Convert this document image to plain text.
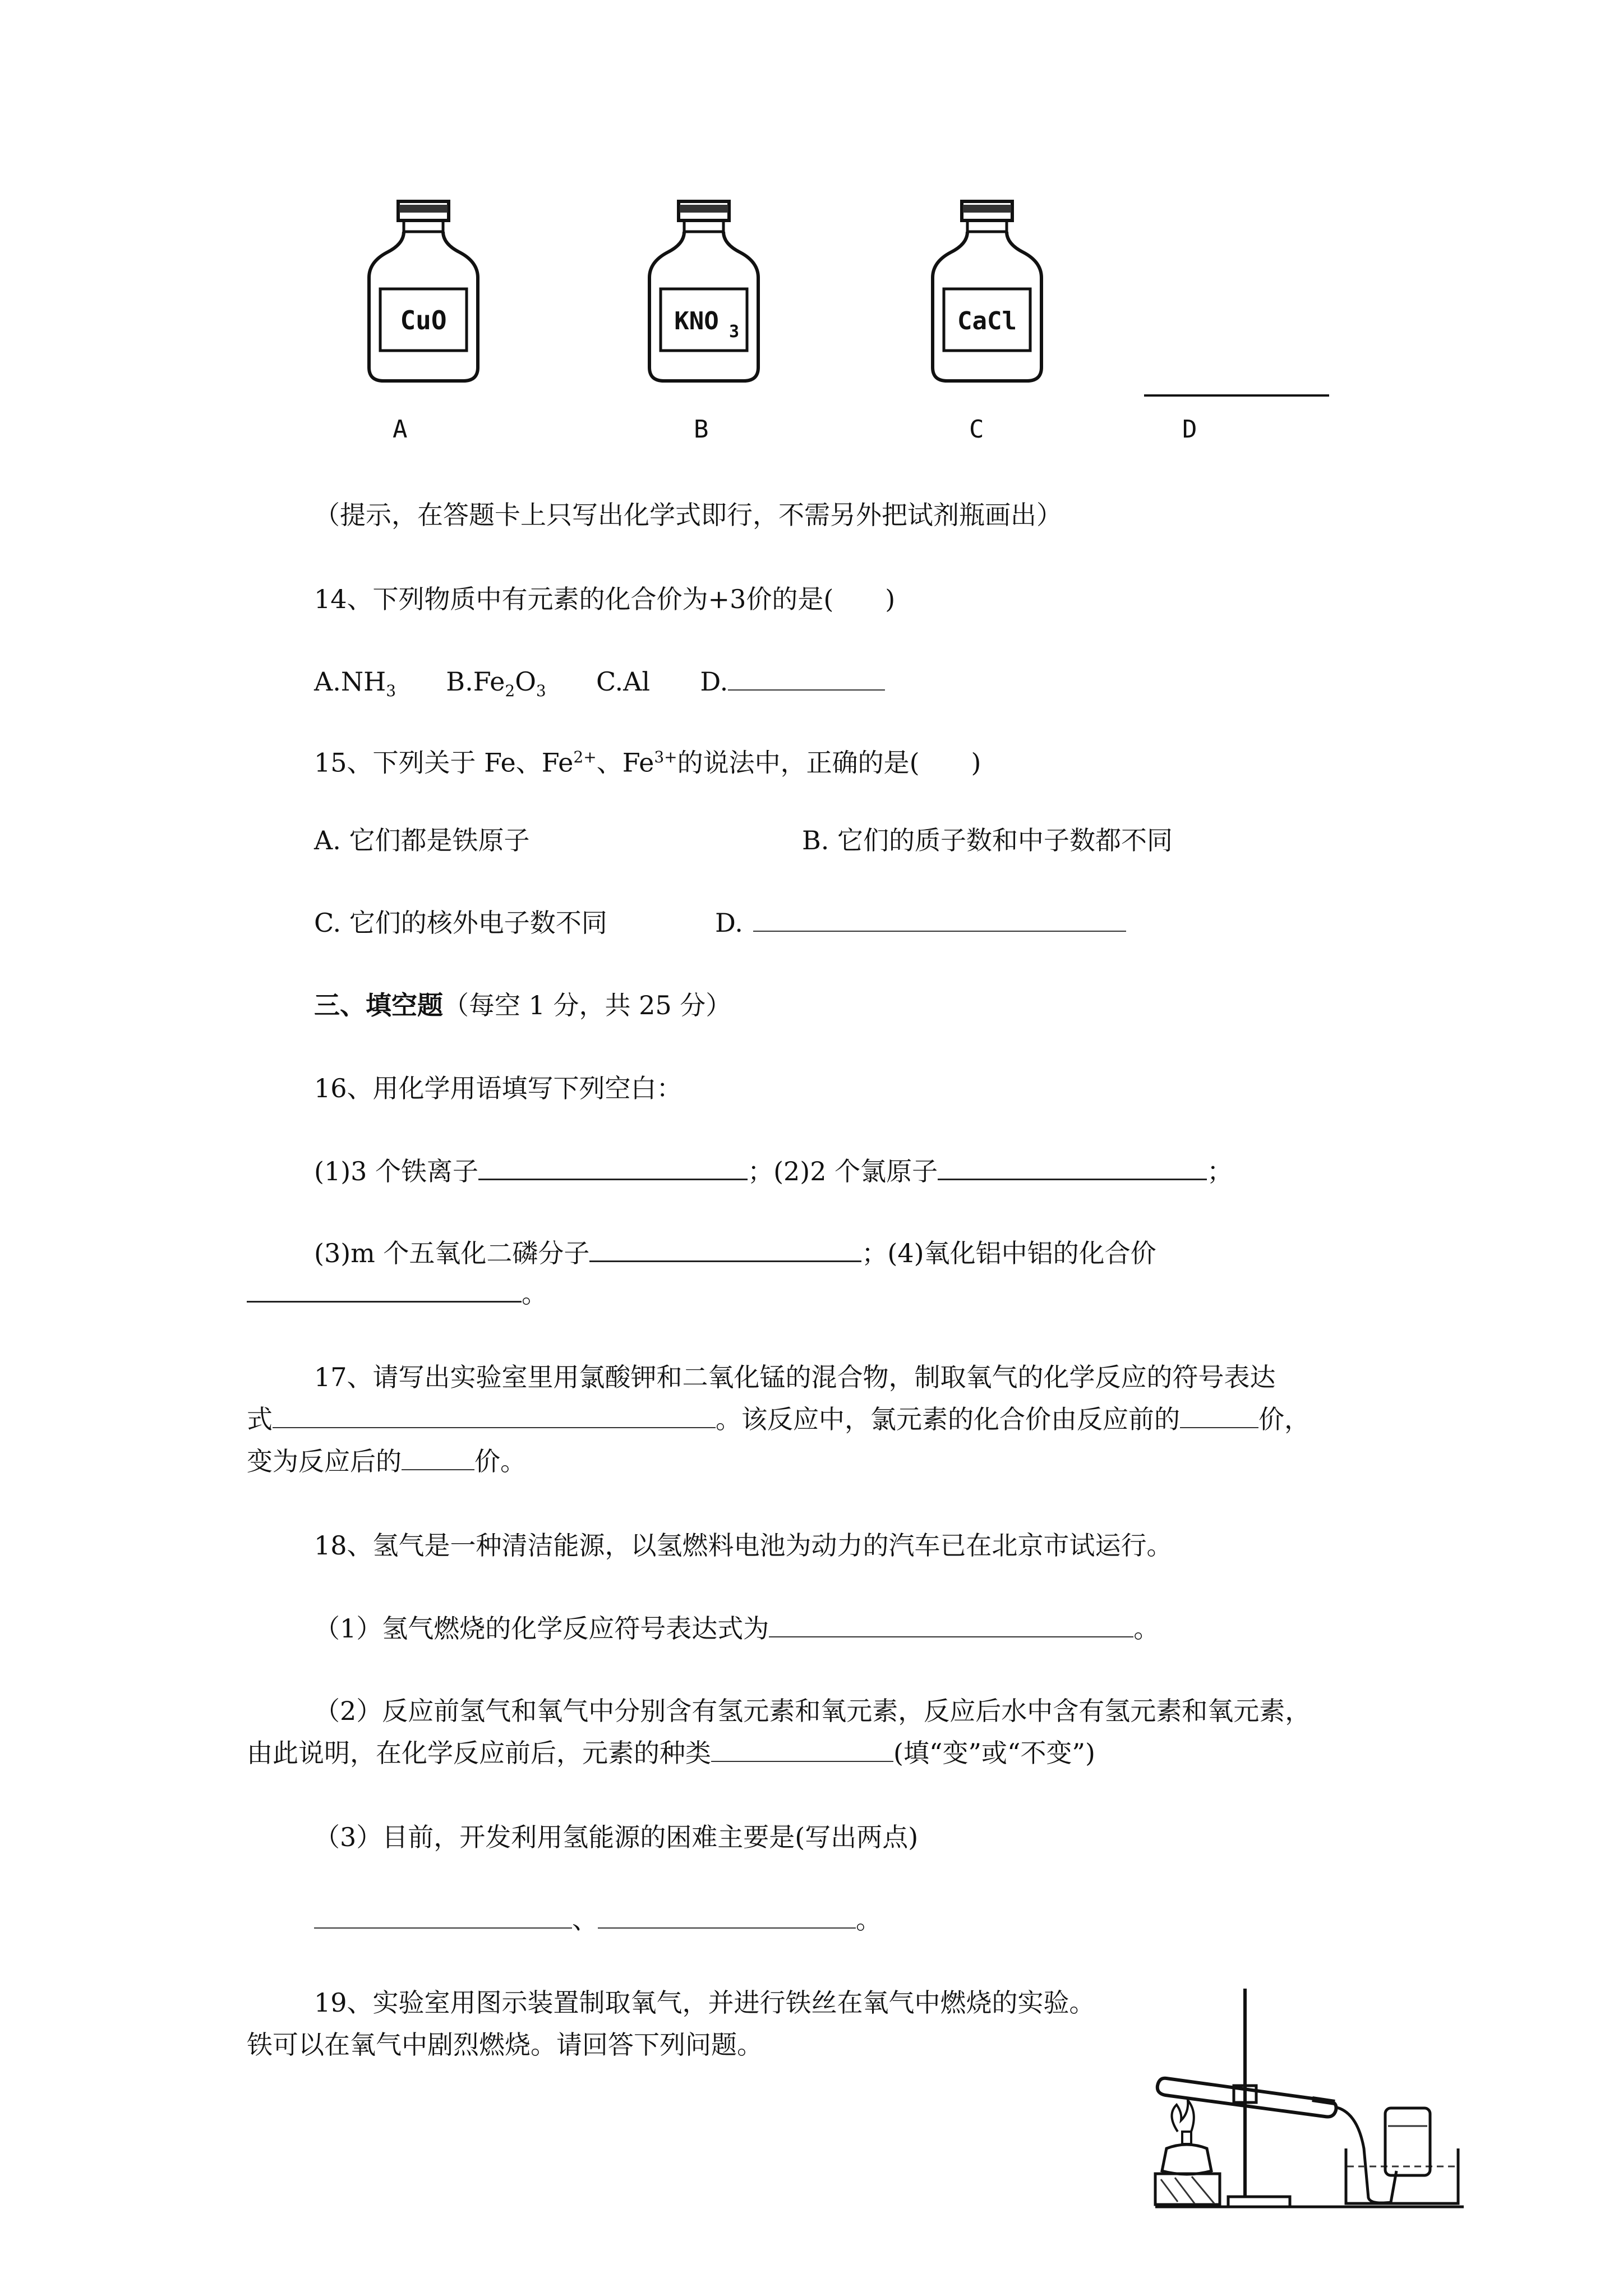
CuO	KNO 3	CaCl
A	B	C	D
（提示，在答题卡上只写出化学式即行，不需另外把试剂瓶画出）
14、下列物质中有元素的化合价为+3价的是(　　)
$A.NH_3$ $B.Fe_2O_3$ C.Al D.
15、下列关于 Fe、$Fe^{2+}$、$Fe^{3+}$的说法中，正确的是(　　)
A. 它们都是铁原子	B. 它们的质子数和中子数都不同
C. 它们的核外电子数不同	D.
三、填空题（每空 1 分，共 25 分）
16、用化学用语填写下列空白：
(1)3 个铁离子	；(2)2 个氯原子	；
(3)m 个五氧化二磷分子	；(4)氧化铝中铝的化合价
。
17、请写出实验室里用氯酸钾和二氧化锰的混合物，制取氧气的化学反应的符号表达
式	。该反应中，氯元素的化合价由反应前的	价，
变为反应后的	价。
18、氢气是一种清洁能源，以氢燃料电池为动力的汽车已在北京市试运行。
（1）氢气燃烧的化学反应符号表达式为	。
（2）反应前氢气和氧气中分别含有氢元素和氧元素，反应后水中含有氢元素和氧元素，
由此说明，在化学反应前后，元素的种类	(填“变”或“不变”)
（3）目前，开发利用氢能源的困难主要是(写出两点)
、	。
19、实验室用图示装置制取氧气，并进行铁丝在氧气中燃烧的实验。
铁可以在氧气中剧烈燃烧。请回答下列问题。
